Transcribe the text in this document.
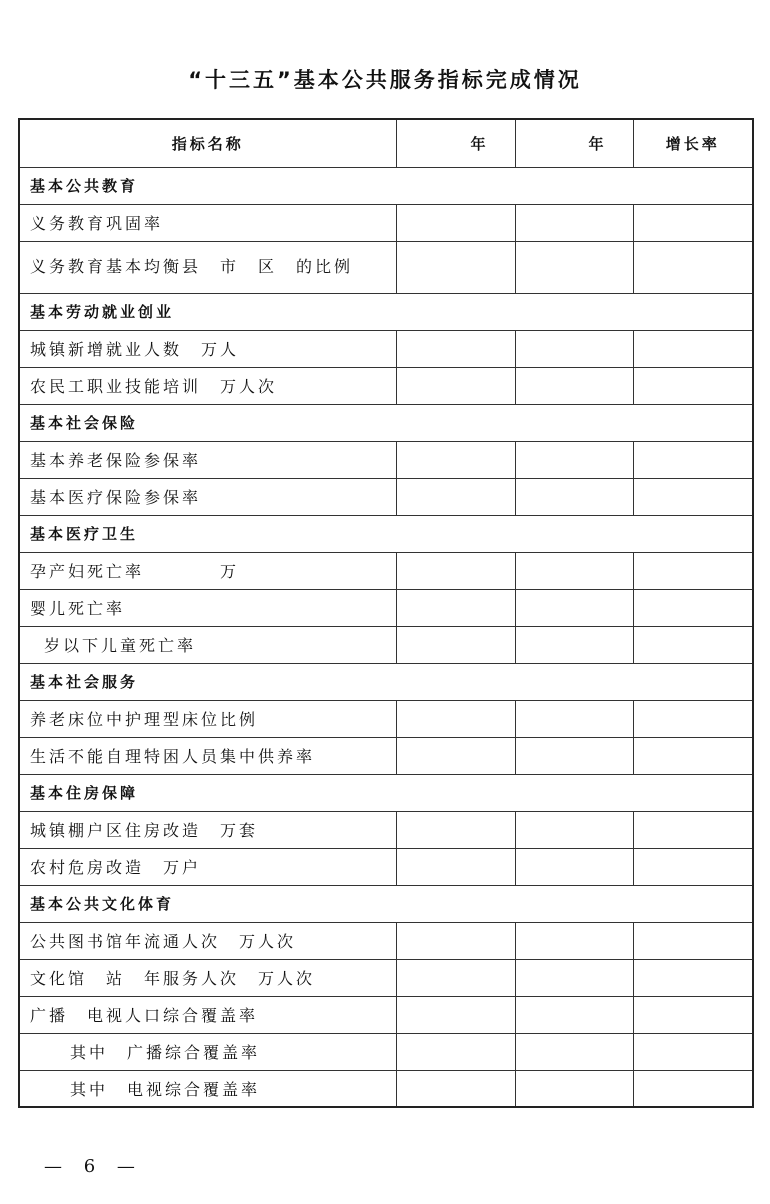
“十三五”基本公共服务指标完成情况
指标名称	年	年	增长率
基本公共教育			
义务教育巩固率			
义务教育基本均衡县　市　区　的比例			
基本劳动就业创业			
城镇新增就业人数　万人			
农民工职业技能培训　万人次			
基本社会保险			
基本养老保险参保率			
基本医疗保险参保率			
基本医疗卫生			
孕产妇死亡率　　　　万			
婴儿死亡率			
岁以下儿童死亡率			
基本社会服务			
养老床位中护理型床位比例			
生活不能自理特困人员集中供养率			
基本住房保障			
城镇棚户区住房改造　万套			
农村危房改造　万户			
基本公共文化体育			
公共图书馆年流通人次　万人次			
文化馆　站　年服务人次　万人次			
广播　电视人口综合覆盖率			
其中　广播综合覆盖率			
其中　电视综合覆盖率			
— 6 —
